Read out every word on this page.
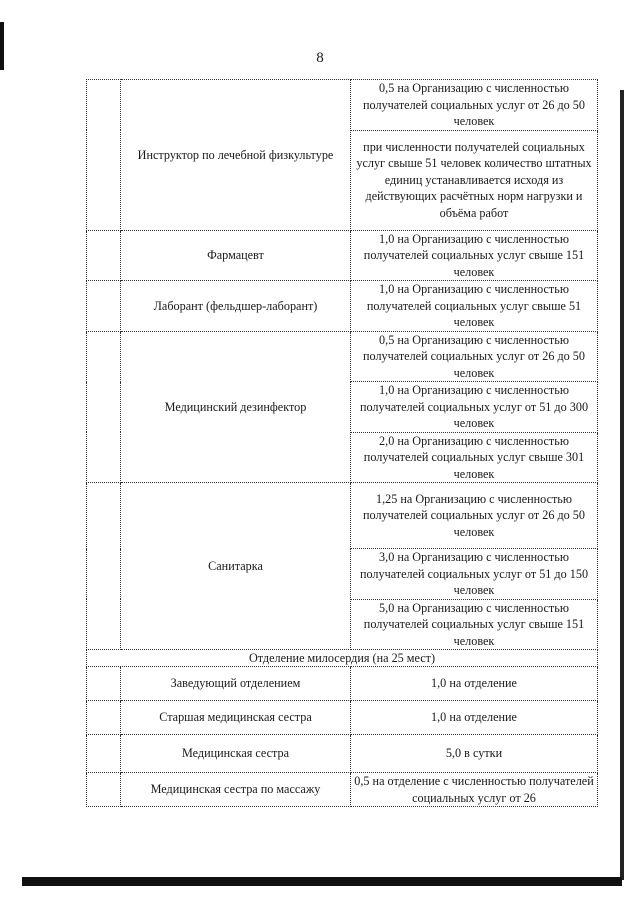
8
	Инструктор по лечебной физкультуре	0,5 на Организацию с численностью получателей социальных услуг от 26 до 50 человек
		при численности получателей социальных услуг свыше 51 человек количество штатных единиц устанавливается исходя из действующих расчётных норм нагрузки и объёма работ
	Фармацевт	1,0 на Организацию с численностью получателей социальных услуг свыше 151 человек
	Лаборант (фельдшер-лаборант)	1,0 на Организацию с численностью получателей социальных услуг свыше 51 человек
	Медицинский дезинфектор	0,5 на Организацию с численностью получателей социальных услуг от 26 до 50 человек
		1,0 на Организацию с численностью получателей социальных услуг от 51 до 300 человек
		2,0 на Организацию с численностью получателей социальных услуг свыше 301 человек
	Санитарка	1,25 на Организацию с численностью получателей социальных услуг от 26 до 50 человек
		3,0 на Организацию с численностью получателей социальных услуг от 51 до 150 человек
		5,0 на Организацию с численностью получателей социальных услуг свыше 151 человек
Отделение милосердия (на 25 мест)		
	Заведующий отделением	1,0 на отделение
	Старшая медицинская сестра	1,0 на отделение
	Медицинская сестра	5,0 в сутки
	Медицинская сестра по массажу	0,5 на отделение с численностью получателей социальных услуг от 26
